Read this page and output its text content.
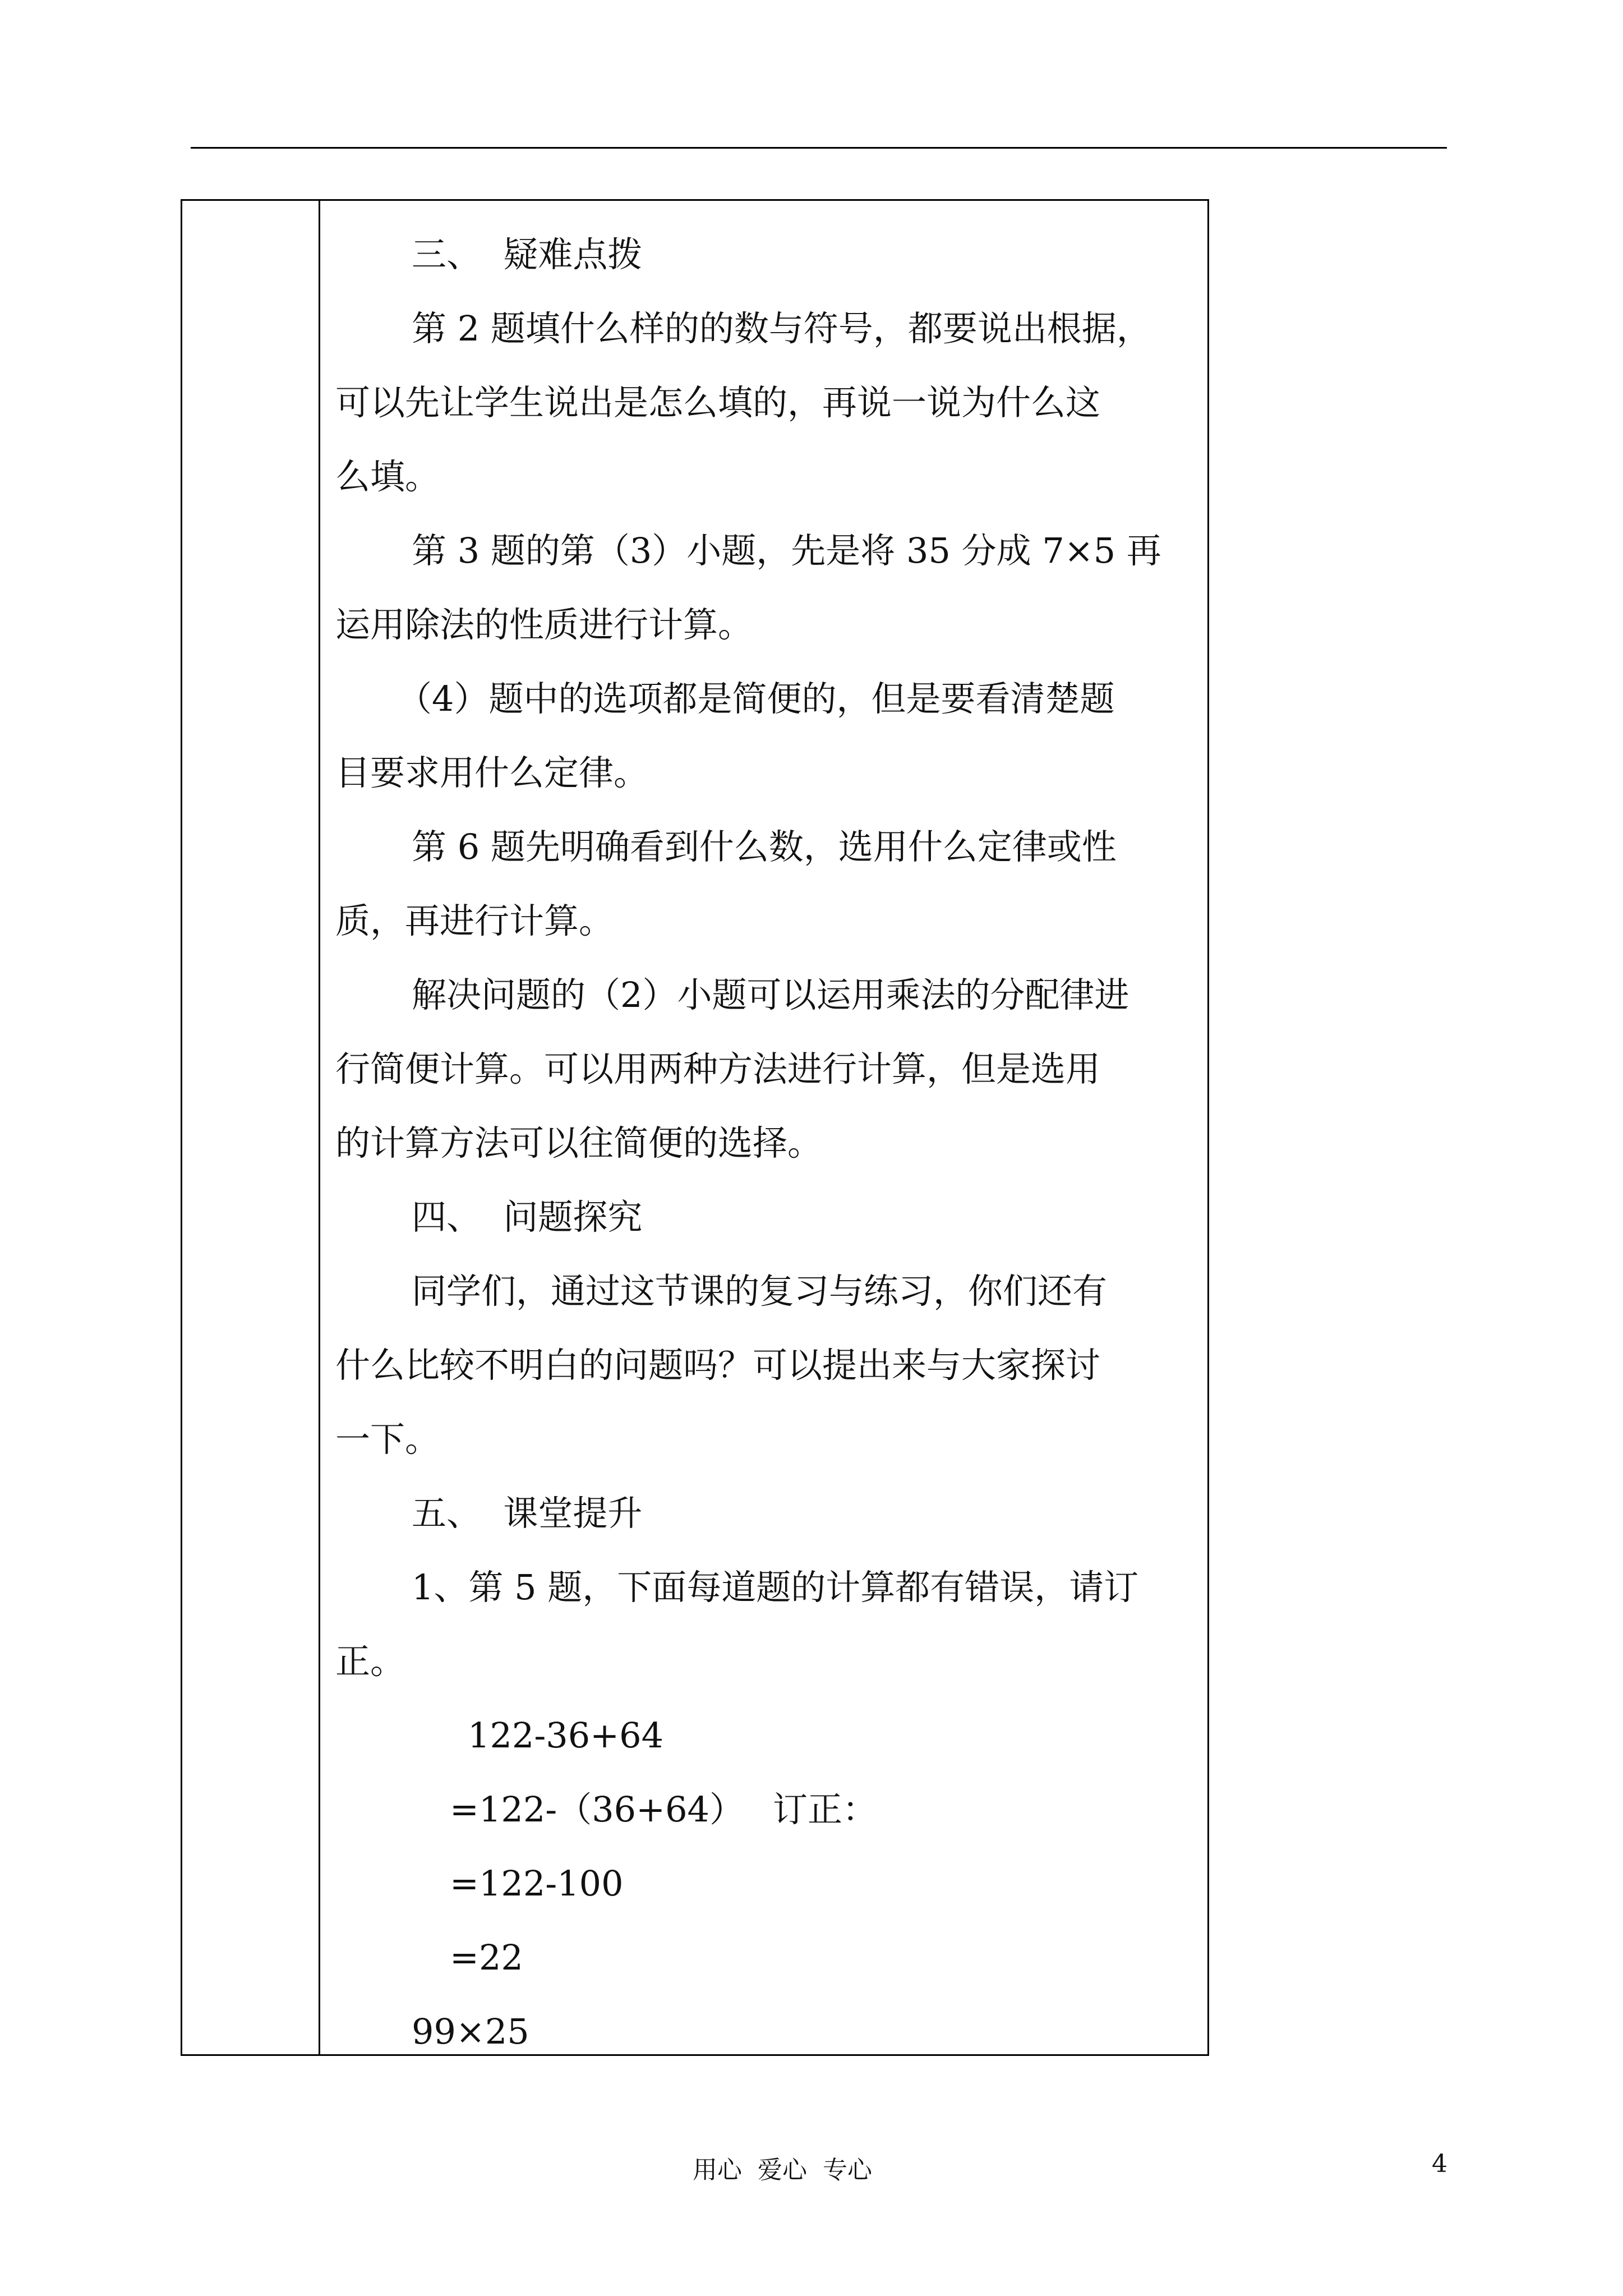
三、  疑难点拨
第 2 题填什么样的的数与符号，都要说出根据，
可以先让学生说出是怎么填的，再说一说为什么这
么填。
第 3 题的第（3）小题，先是将 35 分成 7×5 再
运用除法的性质进行计算。
（4）题中的选项都是简便的，但是要看清楚题
目要求用什么定律。
第 6 题先明确看到什么数，选用什么定律或性
质，再进行计算。
解决问题的（2）小题可以运用乘法的分配律进
行简便计算。可以用两种方法进行计算，但是选用
的计算方法可以往简便的选择。
四、  问题探究
同学们，通过这节课的复习与练习，你们还有
什么比较不明白的问题吗？可以提出来与大家探讨
一下。
五、  课堂提升
1、第 5 题，下面每道题的计算都有错误，请订
正。
122-36+64
=122-（36+64） 订正：
=122-100
=22
99×25
用心  爱心  专心	4
